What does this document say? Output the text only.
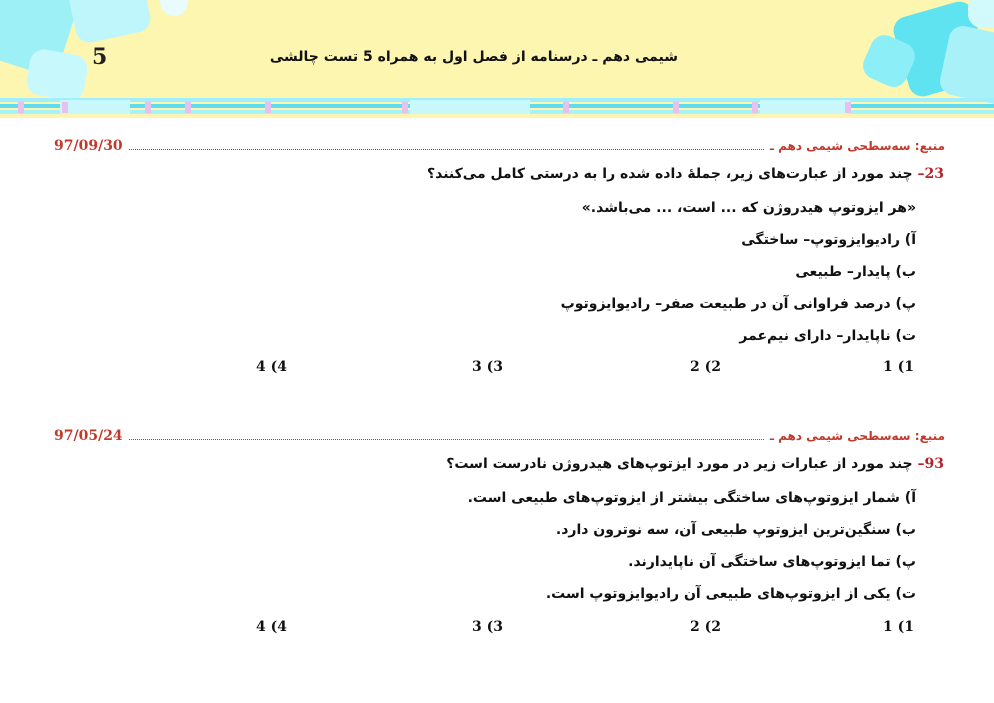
5	شیمی دهم ـ درسنامه از فصل اول به همراه 5 تست چالشی
منبع: سه‌سطحی شیمی دهم ـ
97/09/30
23– چند مورد از عبارت‌های زیر، جملۀ داده شده را به درستی کامل می‌کنند؟
«هر ایزوتوپ هیدروژن که ... است، ... می‌باشد.»
آ) رادیوایزوتوپ– ساختگی
ب) پایدار– طبیعی
پ) درصد فراوانی آن در طبیعت صفر– رادیوایزوتوپ
ت) ناپایدار– دارای نیم‌عمر
1 (1
2 (2
3 (3
4 (4
منبع: سه‌سطحی شیمی دهم ـ
97/05/24
93– چند مورد از عبارات زیر در مورد ایزتوپ‌های هیدروژن نادرست است؟
آ) شمار ایزوتوپ‌های ساختگی بیشتر از ایزوتوپ‌های طبیعی است.
ب) سنگین‌ترین ایزوتوپ طبیعی آن، سه نوترون دارد.
پ) تما ایزوتوپ‌های ساختگی آن ناپایدارند.
ت) یکی از ایزوتوپ‌های طبیعی آن رادیوایزوتوپ است.
1 (1
2 (2
3 (3
4 (4
